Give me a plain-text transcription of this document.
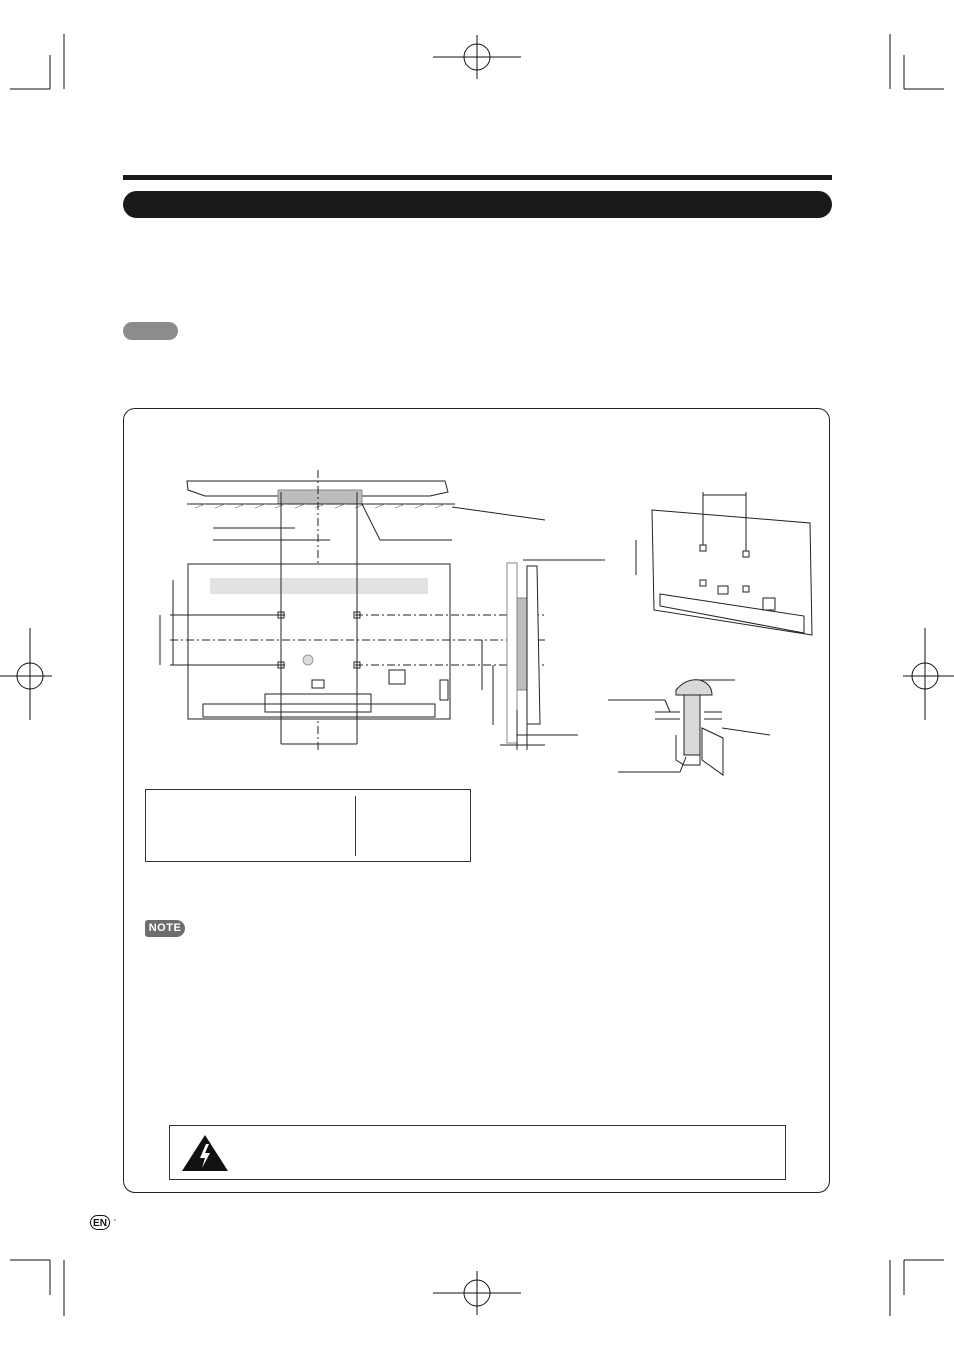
NOTE
EN ·
